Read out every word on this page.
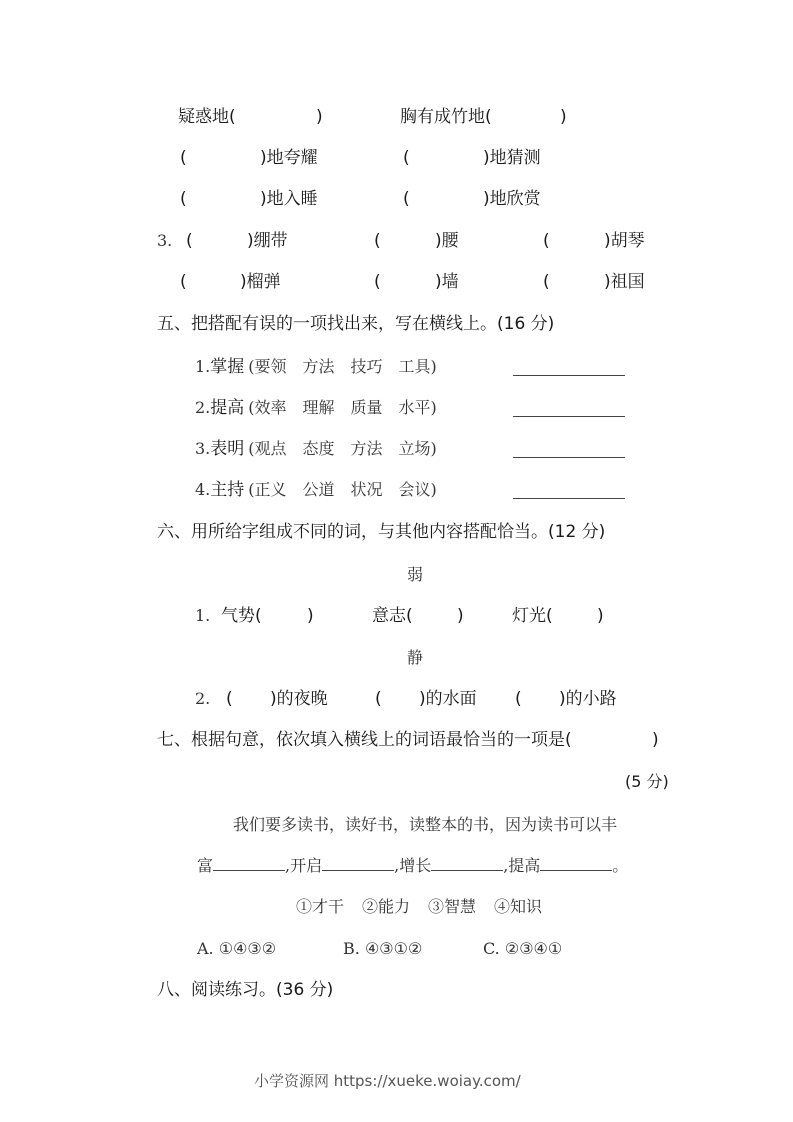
疑惑地(	)	胸有成竹地(	)
(	)地夸耀	(	)地猜测
(	)地入睡	(	)地欣赏
3. (	)绷带	(	)腰	(	)胡琴
(	)榴弹	(	)墙	(	)祖国
五、把搭配有误的一项找出来，写在横线上。(16 分)
1.掌握 (要领　方法　技巧　工具)
2.提高 (效率　理解　质量　水平)
3.表明 (观点　态度　方法　立场)
4.主持 (正义　公道　状况　会议)
六、用所给字组成不同的词，与其他内容搭配恰当。(12 分)
弱
1. 气势(	)	意志(	)	灯光(	)
静
2. ( )的夜晚	( )的水面 ( )的小路
七、根据句意，依次填入横线上的词语最恰当的一项是(	)
(5 分)
我们要多读书，读好书，读整本的书，因为读书可以丰
富	,开启	,增长	,提高	。
①才干 ②能力 ③智慧 ④知识
A. ①④③②	B. ④③①②	C. ②③④①
八、阅读练习。(36 分)
小学资源网 https://xueke.woiay.com/
